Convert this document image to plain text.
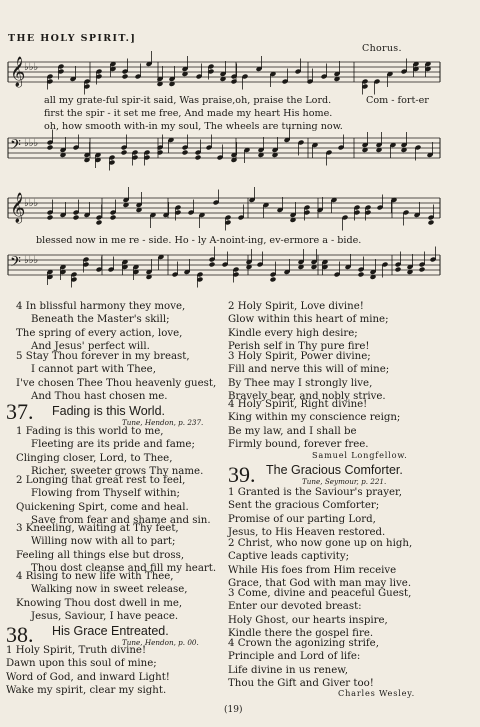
THE HOLY SPIRIT.]
Chorus.
𝄞
♭♭♭
𝄢 ♭♭♭
𝄞
♭♭♭
𝄢 ♭♭♭
all my grate-ful spir-it said, Was praise,oh, praise the Lord.	Com - fort-er
first the spir - it set me free, And made my heart His home.
oh, how smooth with-in my soul, The wheels are turning now.
blessed now in me re - side. Ho - ly A-noint-ing, ev-ermore a - bide.
4 In blissful harmony they move,
Beneath the Master's skill;
The spring of every action, love,
And Jesus' perfect will.
5 Stay Thou forever in my breast,
I cannot part with Thee,
I've chosen Thee Thou heavenly guest,
And Thou hast chosen me.
2 Holy Spirit, Love divine!
Glow within this heart of mine;
Kindle every high desire;
Perish self in Thy pure fire!
3 Holy Spirit, Power divine;
Fill and nerve this will of mine;
By Thee may I strongly live,
Bravely bear, and nobly strive.
4 Holy Spirit, Right divine!
King within my conscience reign;
Be my law, and I shall be
Firmly bound, forever free.
Samuel Longfellow.
37. Fading is this World.
Tune, Hendon, p. 237.
1 Fading is this world to me,
Fleeting are its pride and fame;
Clinging closer, Lord, to Thee,
Richer, sweeter grows Thy name.
2 Longing that great rest to feel,
Flowing from Thyself within;
Quickening Spirt, come and heal.
Save from fear and shame and sin.
3 Kneeling, waiting at Thy feet,
Willing now with all to part;
Feeling all things else but dross,
Thou dost cleanse and fill my heart.
4 Rising to new life with Thee,
Walking now in sweet release,
Knowing Thou dost dwell in me,
Jesus, Saviour, I have peace.
38. His Grace Entreated.
Tune, Hendon, p. 00.
1 Holy Spirit, Truth divine!
Dawn upon this soul of mine;
Word of God, and inward Light!
Wake my spirit, clear my sight.
39. The Gracious Comforter.
Tune, Seymour, p. 221.
1 Granted is the Saviour's prayer,
Sent the gracious Comforter;
Promise of our parting Lord,
Jesus, to His Heaven restored.
2 Christ, who now gone up on high,
Captive leads captivity;
While His foes from Him receive
Grace, that God with man may live.
3 Come, divine and peaceful Guest,
Enter our devoted breast:
Holy Ghost, our hearts inspire,
Kindle there the gospel fire.
4 Crown the agonizing strife,
Principle and Lord of life:
Life divine in us renew,
Thou the Gift and Giver too!
Charles Wesley.
(19)
